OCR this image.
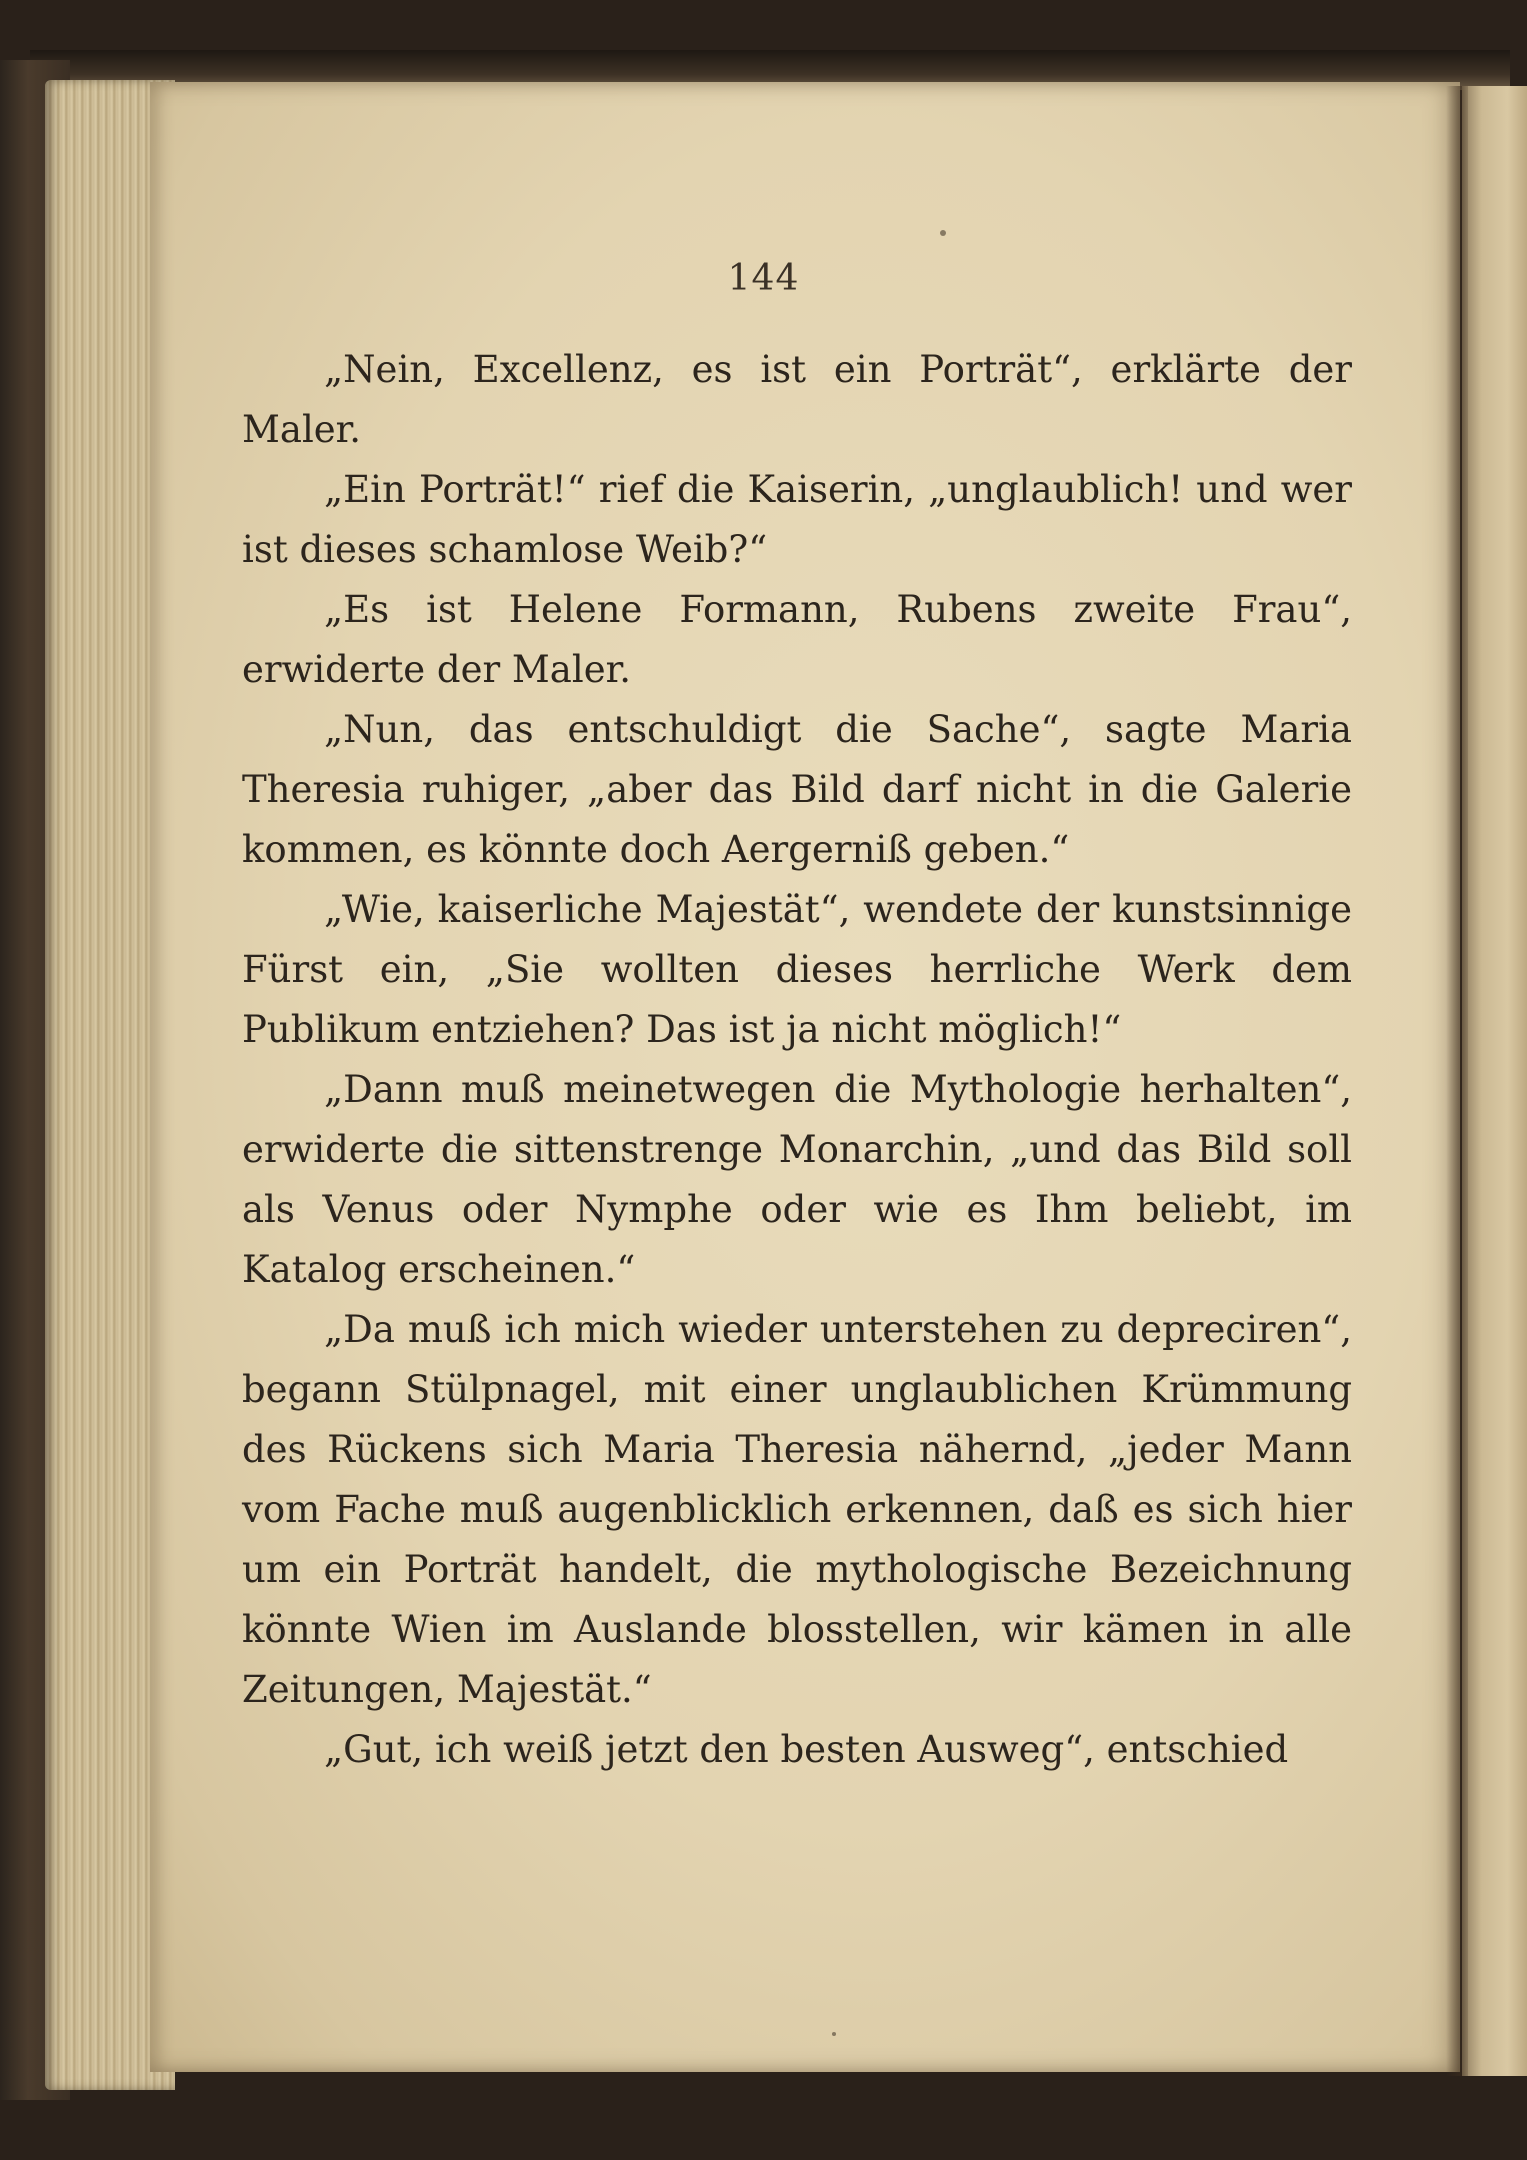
144

„Nein, Excellenz, es ist ein Porträt“, erklärte der Maler.

„Ein Porträt!“ rief die Kaiserin, „unglaublich! und wer ist dieses schamlose Weib?“

„Es ist Helene Formann, Rubens zweite Frau“, erwiderte der Maler.

„Nun, das entschuldigt die Sache“, sagte Maria Theresia ruhiger, „aber das Bild darf nicht in die Galerie kommen, es könnte doch Aergerniß geben.“

„Wie, kaiserliche Majestät“, wendete der kunstsinnige Fürst ein, „Sie wollten dieses herrliche Werk dem Publikum entziehen? Das ist ja nicht möglich!“

„Dann muß meinetwegen die Mythologie herhalten“, erwiderte die sittenstrenge Monarchin, „und das Bild soll als Venus oder Nymphe oder wie es Ihm beliebt, im Katalog erscheinen.“

„Da muß ich mich wieder unterstehen zu depreciren“, begann Stülpnagel, mit einer unglaublichen Krümmung des Rückens sich Maria Theresia nähernd, „jeder Mann vom Fache muß augenblicklich erkennen, daß es sich hier um ein Porträt handelt, die mythologische Bezeichnung könnte Wien im Auslande blosstellen, wir kämen in alle Zeitungen, Majestät.“

„Gut, ich weiß jetzt den besten Ausweg“, entschied
